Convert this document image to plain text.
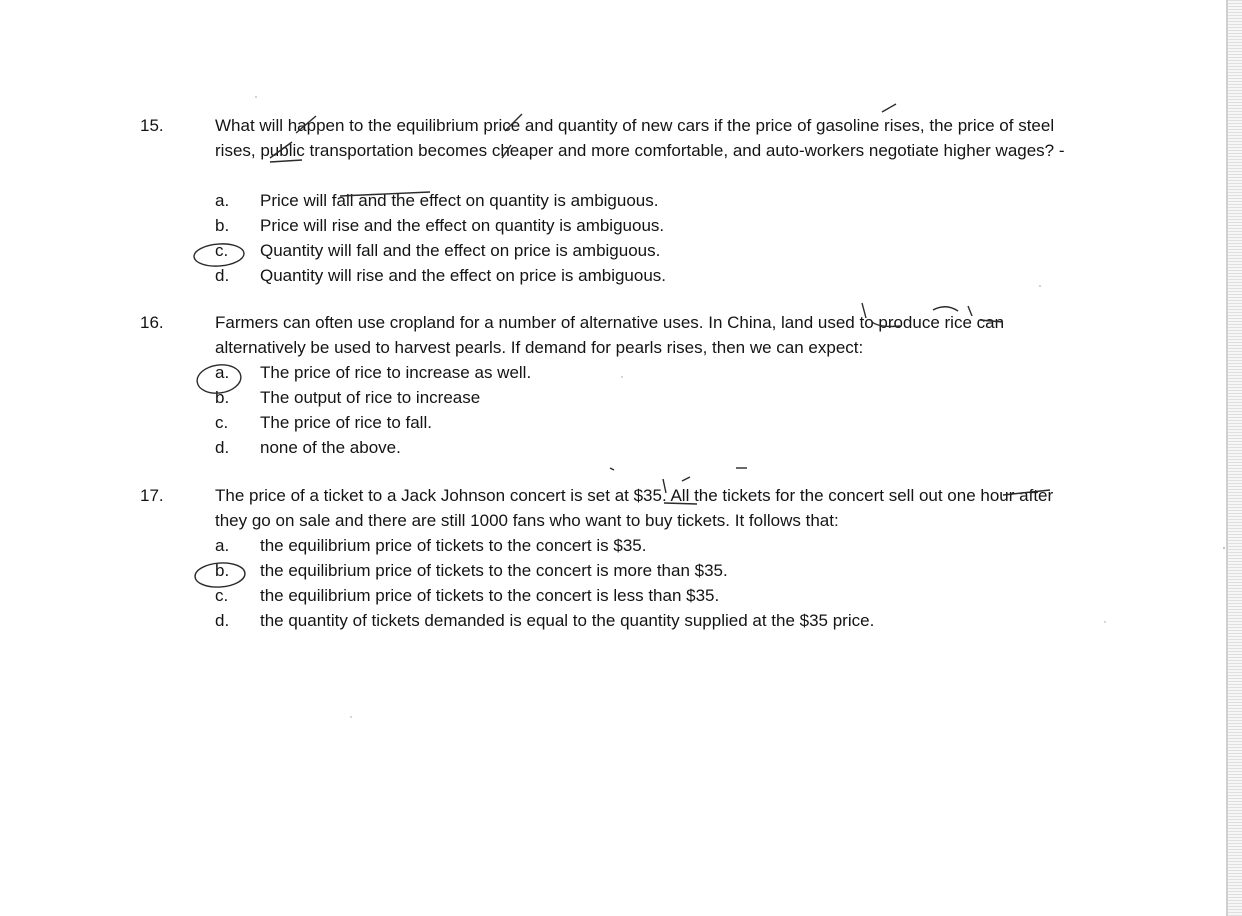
15.	What will happen to the equilibrium price and quantity of new cars if the price of gasoline rises, the price of steel rises, public transportation becomes cheaper and more comfortable, and auto-workers negotiate higher wages? -
a. Price will fall and the effect on quantity is ambiguous.
b. Price will rise and the effect on quantity is ambiguous.
c. Quantity will fall and the effect on price is ambiguous.
d. Quantity will rise and the effect on price is ambiguous.
16.	Farmers can often use cropland for a number of alternative uses. In China, land used to produce rice can alternatively be used to harvest pearls. If demand for pearls rises, then we can expect:
a. The price of rice to increase as well.
b. The output of rice to increase
c. The price of rice to fall.
d. none of the above.
17.	The price of a ticket to a Jack Johnson concert is set at $35. All the tickets for the concert sell out one hour after they go on sale and there are still 1000 fans who want to buy tickets. It follows that:
a. the equilibrium price of tickets to the concert is $35.
b. the equilibrium price of tickets to the concert is more than $35.
c. the equilibrium price of tickets to the concert is less than $35.
d. the quantity of tickets demanded is equal to the quantity supplied at the $35 price.
